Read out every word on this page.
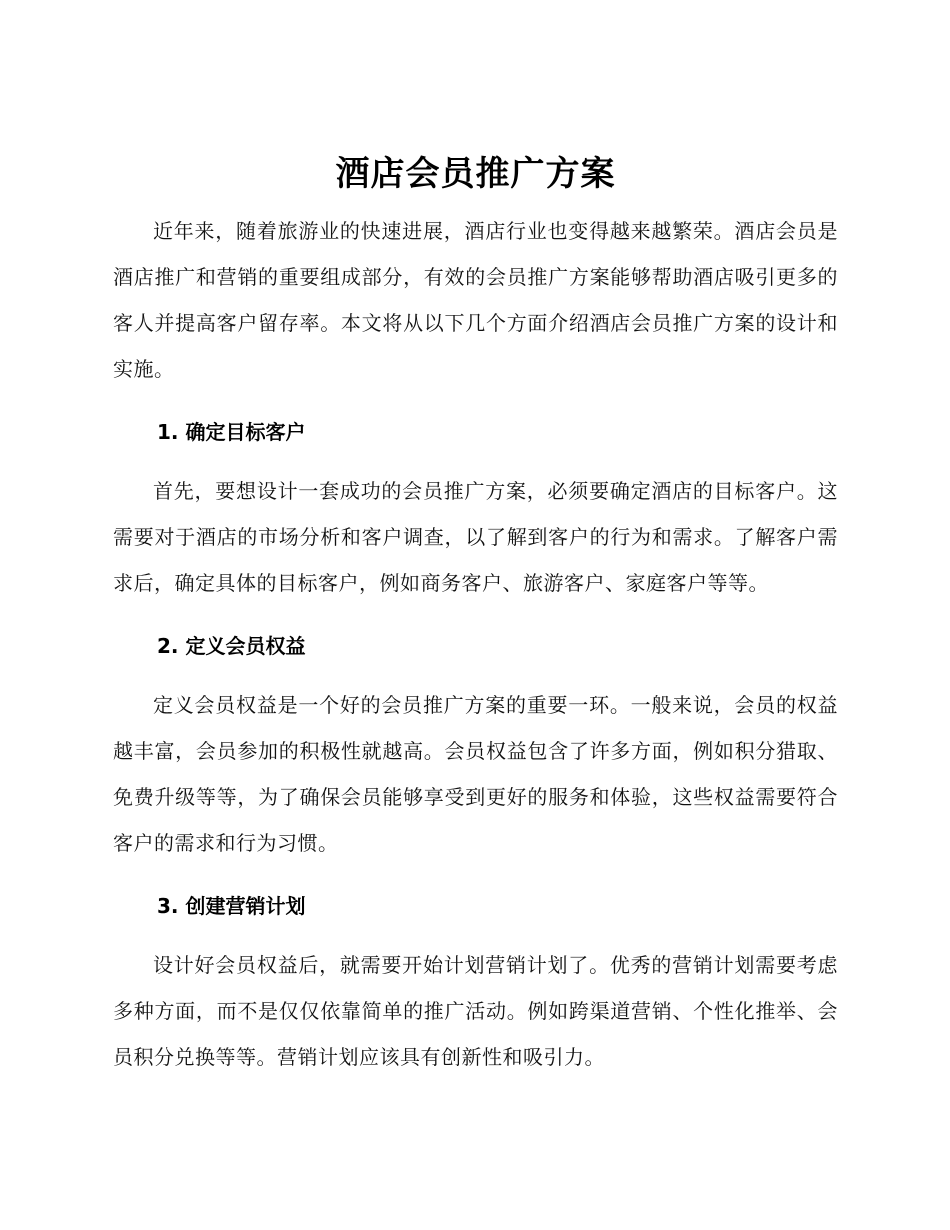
酒店会员推广方案

近年来，随着旅游业的快速进展，酒店行业也变得越来越繁荣。酒店会员是酒店推广和营销的重要组成部分，有效的会员推广方案能够帮助酒店吸引更多的客人并提高客户留存率。本文将从以下几个方面介绍酒店会员推广方案的设计和实施。

1. 确定目标客户

首先，要想设计一套成功的会员推广方案，必须要确定酒店的目标客户。这需要对于酒店的市场分析和客户调查，以了解到客户的行为和需求。了解客户需求后，确定具体的目标客户，例如商务客户、旅游客户、家庭客户等等。

2. 定义会员权益

定义会员权益是一个好的会员推广方案的重要一环。一般来说，会员的权益越丰富，会员参加的积极性就越高。会员权益包含了许多方面，例如积分猎取、免费升级等等，为了确保会员能够享受到更好的服务和体验，这些权益需要符合客户的需求和行为习惯。

3. 创建营销计划

设计好会员权益后，就需要开始计划营销计划了。优秀的营销计划需要考虑多种方面，而不是仅仅依靠简单的推广活动。例如跨渠道营销、个性化推举、会员积分兑换等等。营销计划应该具有创新性和吸引力。
